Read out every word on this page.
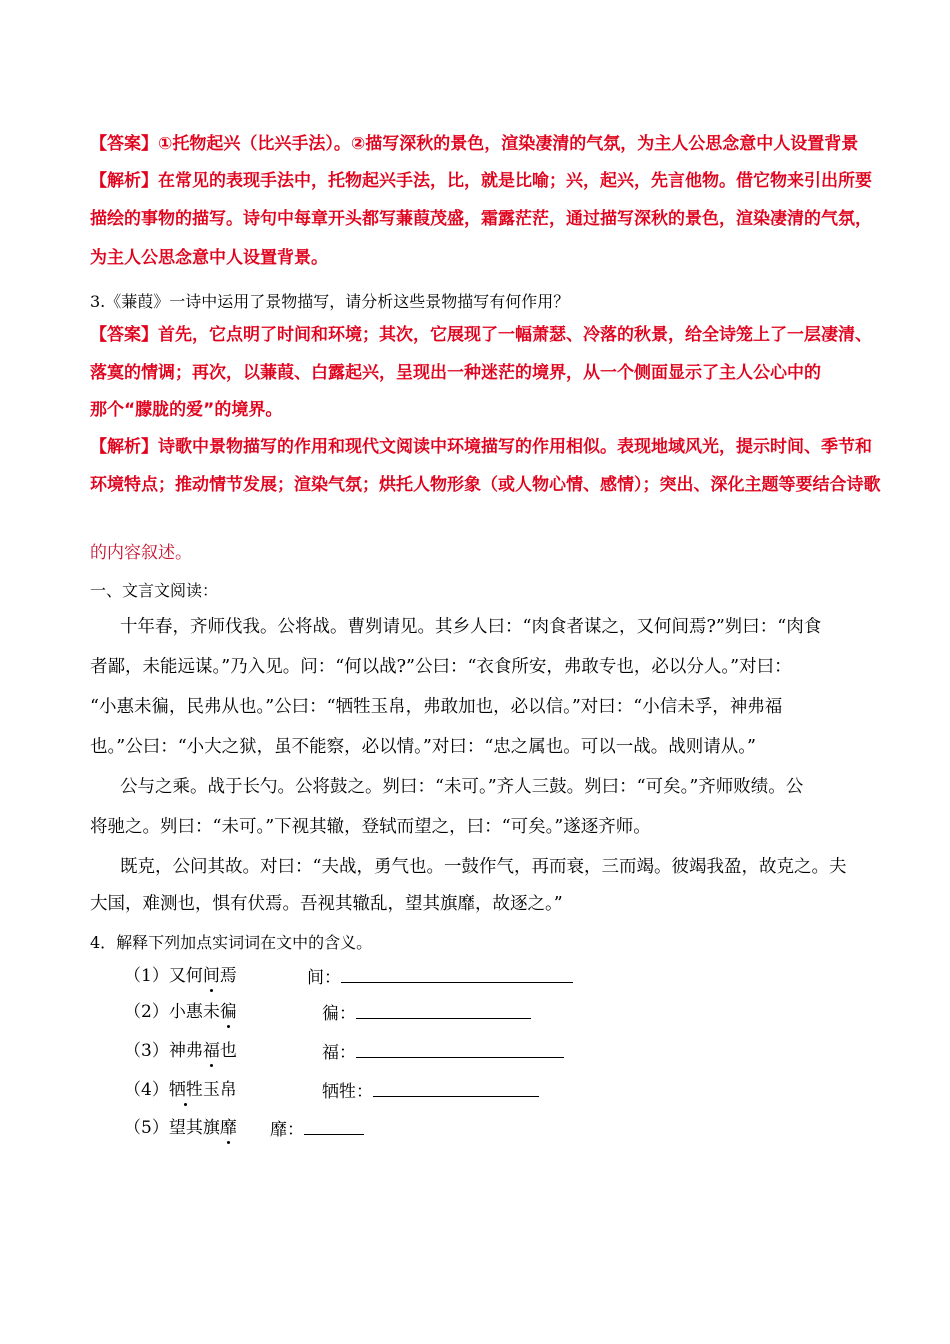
【答案】①托物起兴（比兴手法）。②描写深秋的景色，渲染凄清的气氛，为主人公思念意中人设置背景
【解析】在常见的表现手法中，托物起兴手法，比，就是比喻；兴，起兴，先言他物。借它物来引出所要
描绘的事物的描写。诗句中每章开头都写蒹葭茂盛，霜露茫茫，通过描写深秋的景色，渲染凄清的气氛，
为主人公思念意中人设置背景。
3.《蒹葭》一诗中运用了景物描写，请分析这些景物描写有何作用？
【答案】首先，它点明了时间和环境；其次，它展现了一幅萧瑟、冷落的秋景，给全诗笼上了一层凄清、
落寞的情调；再次，以蒹葭、白露起兴，呈现出一种迷茫的境界，从一个侧面显示了主人公心中的
那个“朦胧的爱”的境界。
【解析】诗歌中景物描写的作用和现代文阅读中环境描写的作用相似。表现地域风光，提示时间、季节和
环境特点；推动情节发展；渲染气氛；烘托人物形象（或人物心情、感情）；突出、深化主题等要结合诗歌
的内容叙述。
一、文言文阅读：
十年春，齐师伐我。公将战。曹刿请见。其乡人曰：“肉食者谋之，又何间焉?”刿曰：“肉食
者鄙，未能远谋。”乃入见。问：“何以战?”公曰：“衣食所安，弗敢专也，必以分人。”对曰：
“小惠未徧，民弗从也。”公曰：“牺牲玉帛，弗敢加也，必以信。”对曰：“小信未孚，神弗福
也。”公曰：“小大之狱，虽不能察，必以情。”对曰：“忠之属也。可以一战。战则请从。”
公与之乘。战于长勺。公将鼓之。刿曰：“未可。”齐人三鼓。刿曰：“可矣。”齐师败绩。公
将驰之。刿曰：“未可。”下视其辙，登轼而望之，曰：“可矣。”遂逐齐师。
既克，公问其故。对曰：“夫战，勇气也。一鼓作气，再而衰，三而竭。彼竭我盈，故克之。夫
大国，难测也，惧有伏焉。吾视其辙乱，望其旗靡，故逐之。”
4．解释下列加点实词词在文中的含义。
（1）又何间焉	间：
（2）小惠未徧	徧：
（3）神弗福也	福：
（4）牺牲玉帛	牺牲：
（5）望其旗靡 靡：
